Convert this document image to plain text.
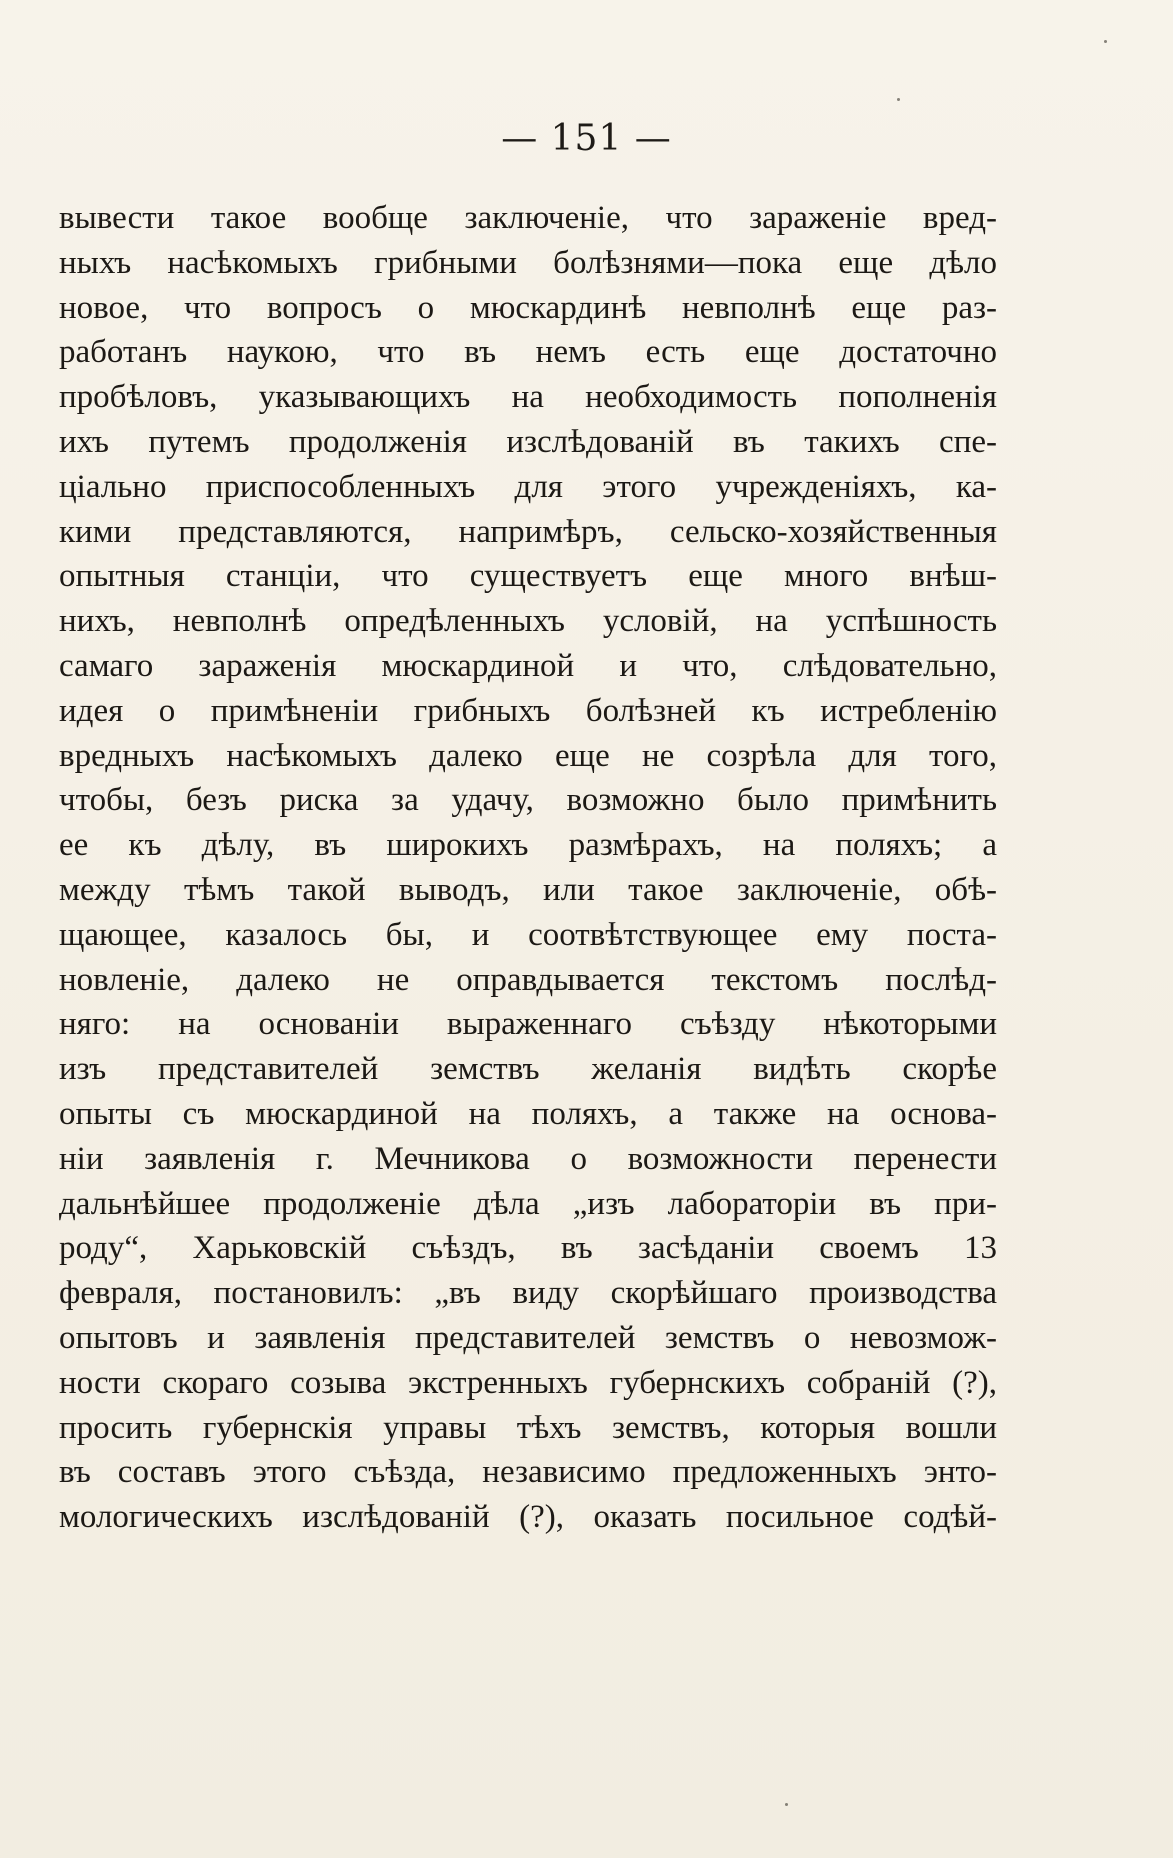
— 151 —
вывести такое вообще заключеніе, что зараженіе вред-
ныхъ насѣкомыхъ грибными болѣзнями—пока еще дѣло
новое, что вопросъ о мюскардинѣ невполнѣ еще раз-
работанъ наукою, что въ немъ есть еще достаточно
пробѣловъ, указывающихъ на необходимость пополненія
ихъ путемъ продолженія изслѣдованій въ такихъ спе-
ціально приспособленныхъ для этого учрежденіяхъ, ка-
кими представляются, напримѣръ, сельско-хозяйственныя
опытныя станціи, что существуетъ еще много внѣш-
нихъ, невполнѣ опредѣленныхъ условій, на успѣшность
самаго зараженія мюскардиной и что, слѣдовательно,
идея о примѣненіи грибныхъ болѣзней къ истребленію
вредныхъ насѣкомыхъ далеко еще не созрѣла для того,
чтобы, безъ риска за удачу, возможно было примѣнить
ее къ дѣлу, въ широкихъ размѣрахъ, на поляхъ; а
между тѣмъ такой выводъ, или такое заключеніе, обѣ-
щающее, казалось бы, и соотвѣтствующее ему поста-
новленіе, далеко не оправдывается текстомъ послѣд-
няго: на основаніи выраженнаго съѣзду нѣкоторыми
изъ представителей земствъ желанія видѣть скорѣе
опыты съ мюскардиной на поляхъ, а также на основа-
ніи заявленія г. Мечникова о возможности перенести
дальнѣйшее продолженіе дѣла „изъ лабораторіи въ при-
роду“, Харьковскій съѣздъ, въ засѣданіи своемъ 13
февраля, постановилъ: „въ виду скорѣйшаго производства
опытовъ и заявленія представителей земствъ о невозмож-
ности скораго созыва экстренныхъ губернскихъ собраній (?),
просить губернскія управы тѣхъ земствъ, которыя вошли
въ составъ этого съѣзда, независимо предложенныхъ энто-
мологическихъ изслѣдованій (?), оказать посильное содѣй-
